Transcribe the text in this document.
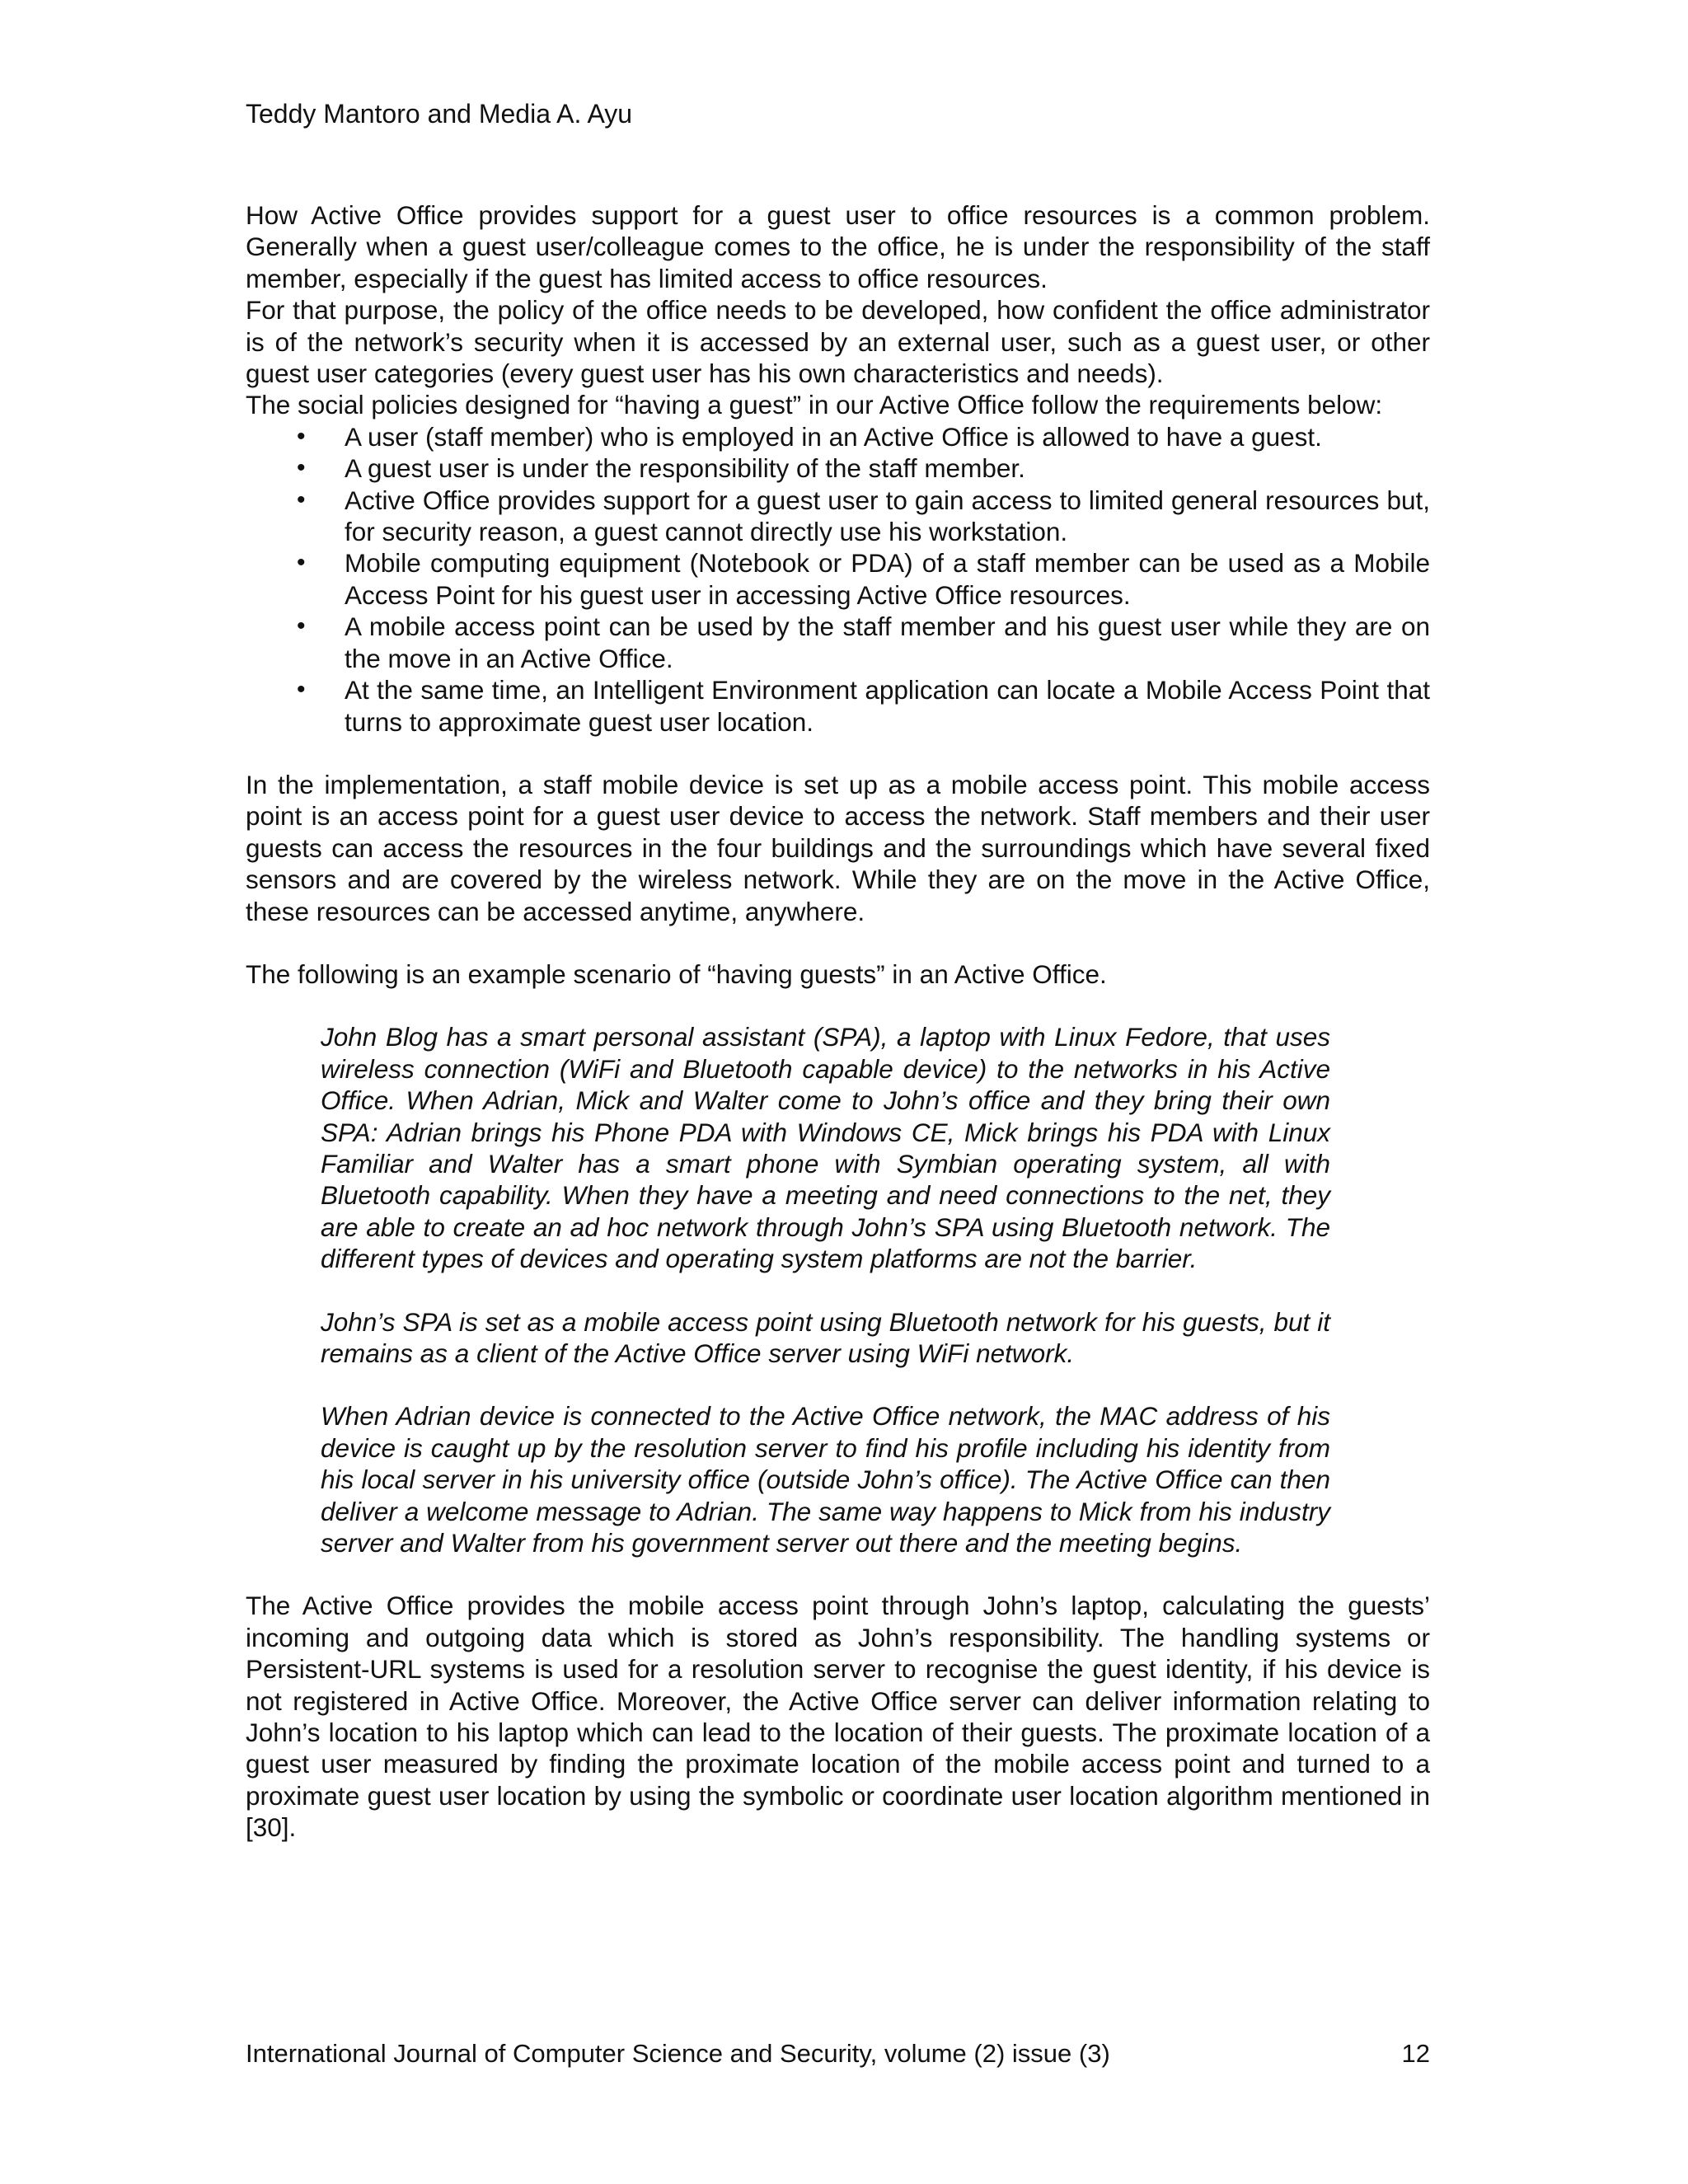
Teddy Mantoro and Media A. Ayu

How Active Office provides support for a guest user to office resources is a common problem. Generally when a guest user/colleague comes to the office, he is under the responsibility of the staff member, especially if the guest has limited access to office resources.

For that purpose, the policy of the office needs to be developed, how confident the office administrator is of the network’s security when it is accessed by an external user, such as a guest user, or other guest user categories (every guest user has his own characteristics and needs).

The social policies designed for “having a guest” in our Active Office follow the requirements below:

• A user (staff member) who is employed in an Active Office is allowed to have a guest.
• A guest user is under the responsibility of the staff member.
• Active Office provides support for a guest user to gain access to limited general resources but, for security reason, a guest cannot directly use his workstation.
• Mobile computing equipment (Notebook or PDA) of a staff member can be used as a Mobile Access Point for his guest user in accessing Active Office resources.
• A mobile access point can be used by the staff member and his guest user while they are on the move in an Active Office.
• At the same time, an Intelligent Environment application can locate a Mobile Access Point that turns to approximate guest user location.

In the implementation, a staff mobile device is set up as a mobile access point. This mobile access point is an access point for a guest user device to access the network. Staff members and their user guests can access the resources in the four buildings and the surroundings which have several fixed sensors and are covered by the wireless network. While they are on the move in the Active Office, these resources can be accessed anytime, anywhere.

The following is an example scenario of “having guests” in an Active Office.

John Blog has a smart personal assistant (SPA), a laptop with Linux Fedore, that uses wireless connection (WiFi and Bluetooth capable device) to the networks in his Active Office. When Adrian, Mick and Walter come to John’s office and they bring their own SPA: Adrian brings his Phone PDA with Windows CE, Mick brings his PDA with Linux Familiar and Walter has a smart phone with Symbian operating system, all with Bluetooth capability. When they have a meeting and need connections to the net, they are able to create an ad hoc network through John’s SPA using Bluetooth network. The different types of devices and operating system platforms are not the barrier.

John’s SPA is set as a mobile access point using Bluetooth network for his guests, but it remains as a client of the Active Office server using WiFi network.

When Adrian device is connected to the Active Office network, the MAC address of his device is caught up by the resolution server to find his profile including his identity from his local server in his university office (outside John’s office). The Active Office can then deliver a welcome message to Adrian. The same way happens to Mick from his industry server and Walter from his government server out there and the meeting begins.

The Active Office provides the mobile access point through John’s laptop, calculating the guests’ incoming and outgoing data which is stored as John’s responsibility. The handling systems or Persistent-URL systems is used for a resolution server to recognise the guest identity, if his device is not registered in Active Office. Moreover, the Active Office server can deliver information relating to John’s location to his laptop which can lead to the location of their guests. The proximate location of a guest user measured by finding the proximate location of the mobile access point and turned to a proximate guest user location by using the symbolic or coordinate user location algorithm mentioned in [30].

International Journal of Computer Science and Security, volume (2) issue (3)	12
